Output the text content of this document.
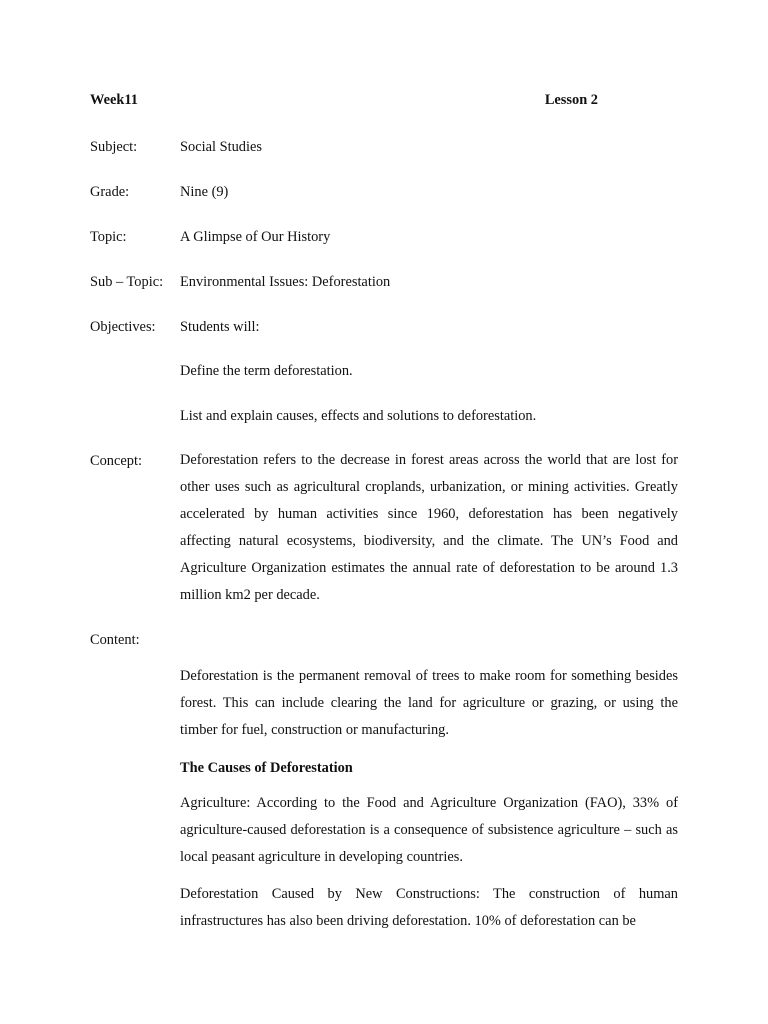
Week11	Lesson 2
Subject:	Social Studies
Grade:	Nine (9)
Topic:	A Glimpse of Our History
Sub – Topic: Environmental Issues: Deforestation
Objectives: Students will:
Define the term deforestation.
List and explain causes, effects and solutions to deforestation.
Concept:	Deforestation refers to the decrease in forest areas across the world that are lost for other uses such as agricultural croplands, urbanization, or mining activities. Greatly accelerated by human activities since 1960, deforestation has been negatively affecting natural ecosystems, biodiversity, and the climate. The UN’s Food and Agriculture Organization estimates the annual rate of deforestation to be around 1.3 million km2 per decade.

Content:

Deforestation is the permanent removal of trees to make room for something besides forest. This can include clearing the land for agriculture or grazing, or using the timber for fuel, construction or manufacturing.

The Causes of Deforestation

Agriculture: According to the Food and Agriculture Organization (FAO), 33% of agriculture-caused deforestation is a consequence of subsistence agriculture – such as local peasant agriculture in developing countries.

Deforestation Caused by New Constructions: The construction of human infrastructures has also been driving deforestation. 10% of deforestation can be
